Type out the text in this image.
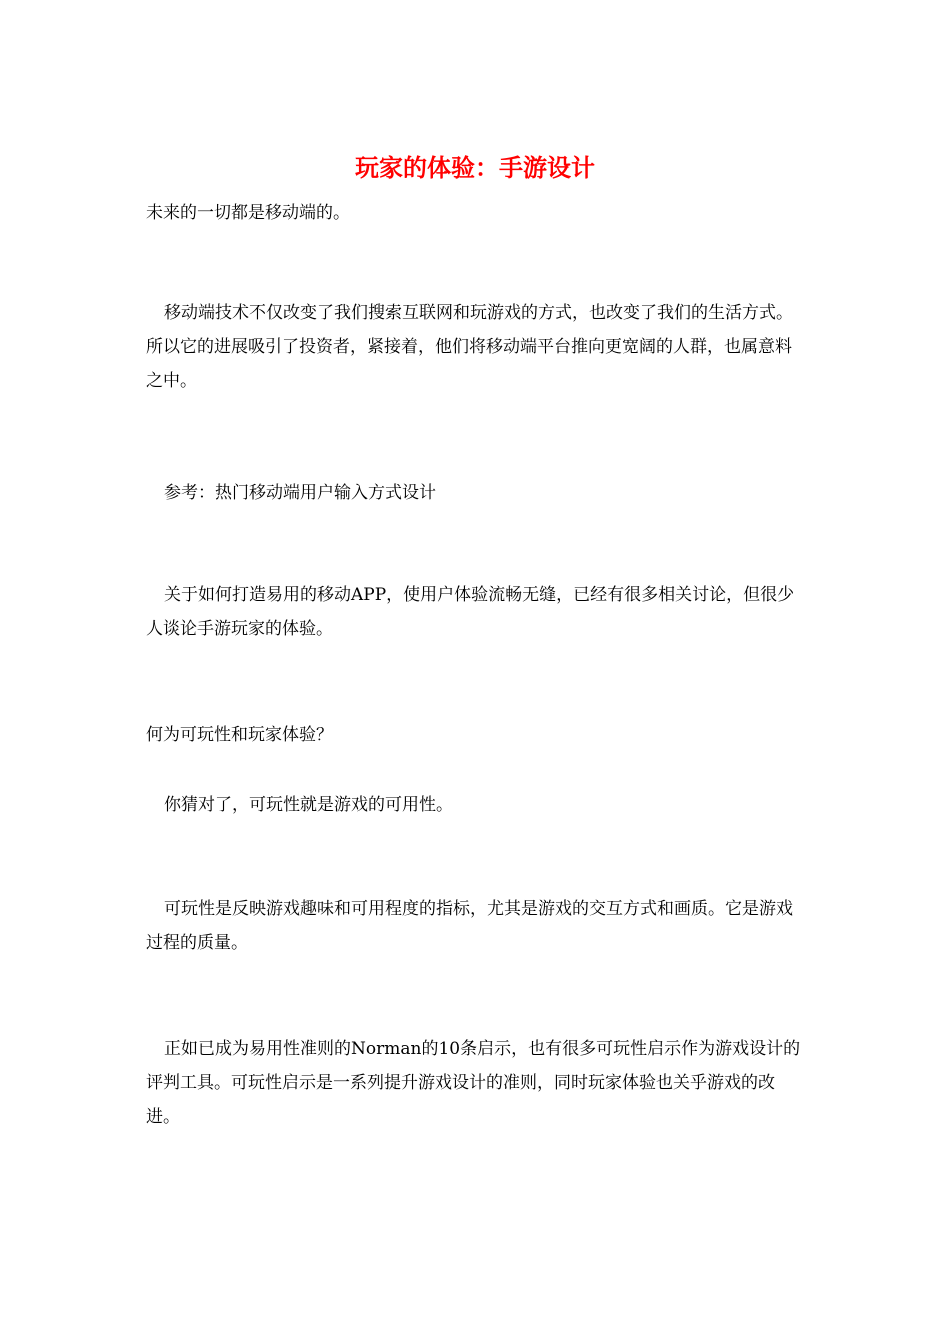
玩家的体验：手游设计

未来的一切都是移动端的。

移动端技术不仅改变了我们搜索互联网和玩游戏的方式，也改变了我们的生活方式。所以它的进展吸引了投资者，紧接着，他们将移动端平台推向更宽阔的人群，也属意料之中。

参考：热门移动端用户输入方式设计

关于如何打造易用的移动APP，使用户体验流畅无缝，已经有很多相关讨论，但很少人谈论手游玩家的体验。

何为可玩性和玩家体验？

你猜对了，可玩性就是游戏的可用性。

可玩性是反映游戏趣味和可用程度的指标，尤其是游戏的交互方式和画质。它是游戏过程的质量。

正如已成为易用性准则的Norman的10条启示，也有很多可玩性启示作为游戏设计的评判工具。可玩性启示是一系列提升游戏设计的准则，同时玩家体验也关乎游戏的改进。
